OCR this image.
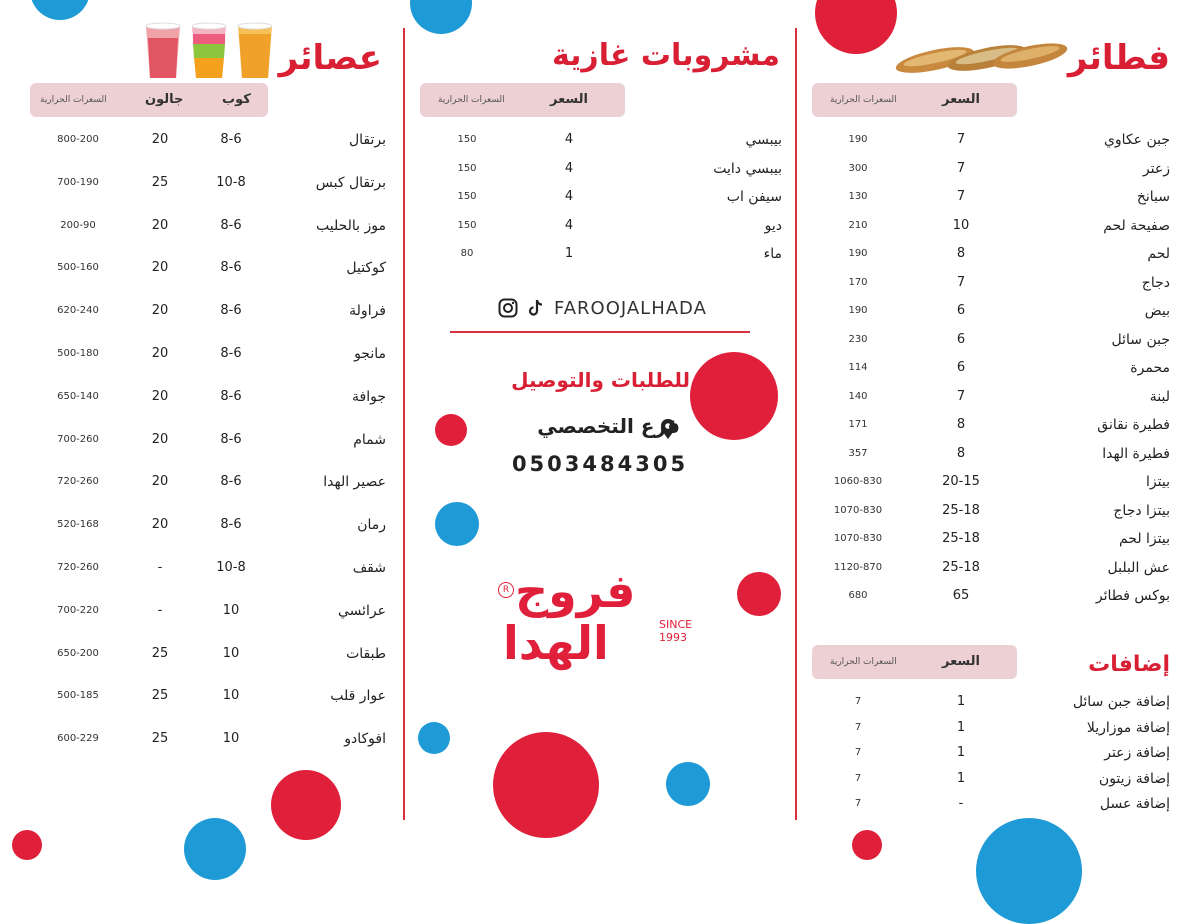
فطائر
السعر
السعرات الحرارية
جبن عكاوي
7
190
زعتر
7
300
سبانخ
7
130
صفيحة لحم
10
210
لحم
8
190
دجاج
7
170
بيض
6
190
جبن سائل
6
230
محمرة
6
114
لبنة
7
140
فطيرة نقانق
8
171
فطيرة الهدا
8
357
بيتزا
20-15
1060-830
بيتزا دجاج
25-18
1070-830
بيتزا لحم
25-18
1070-830
عش البلبل
25-18
1120-870
بوكس فطائر
65
680
إضافات
السعر
السعرات الحرارية
إضافة جبن سائل
1
7
إضافة موزاريلا
1
7
إضافة زعتر
1
7
إضافة زيتون
1
7
إضافة عسل
-
7
مشروبات غازية
السعر
السعرات الحرارية
بيبسي
4
150
بيبسي دايت
4
150
سيفن اب
4
150
ديو
4
150
ماء
1
80
FAROOJALHADA
للطلبات والتوصيل
فرع التخصصي
0503484305
R فروج
الهدا	SINCE
1993
عصائر
كوب
جالون
السعرات الحرارية
برتقال
8-6
20
800-200
برتقال كبس
10-8
25
700-190
موز بالحليب
8-6
20
200-90
كوكتيل
8-6
20
500-160
فراولة
8-6
20
620-240
مانجو
8-6
20
500-180
جوافة
8-6
20
650-140
شمام
8-6
20
700-260
عصير الهدا
8-6
20
720-260
رمان
8-6
20
520-168
شقف
10-8
-
720-260
عرائسي
10
-
700-220
طبقات
10
25
650-200
عوار قلب
10
25
500-185
افوكادو
10
25
600-229
